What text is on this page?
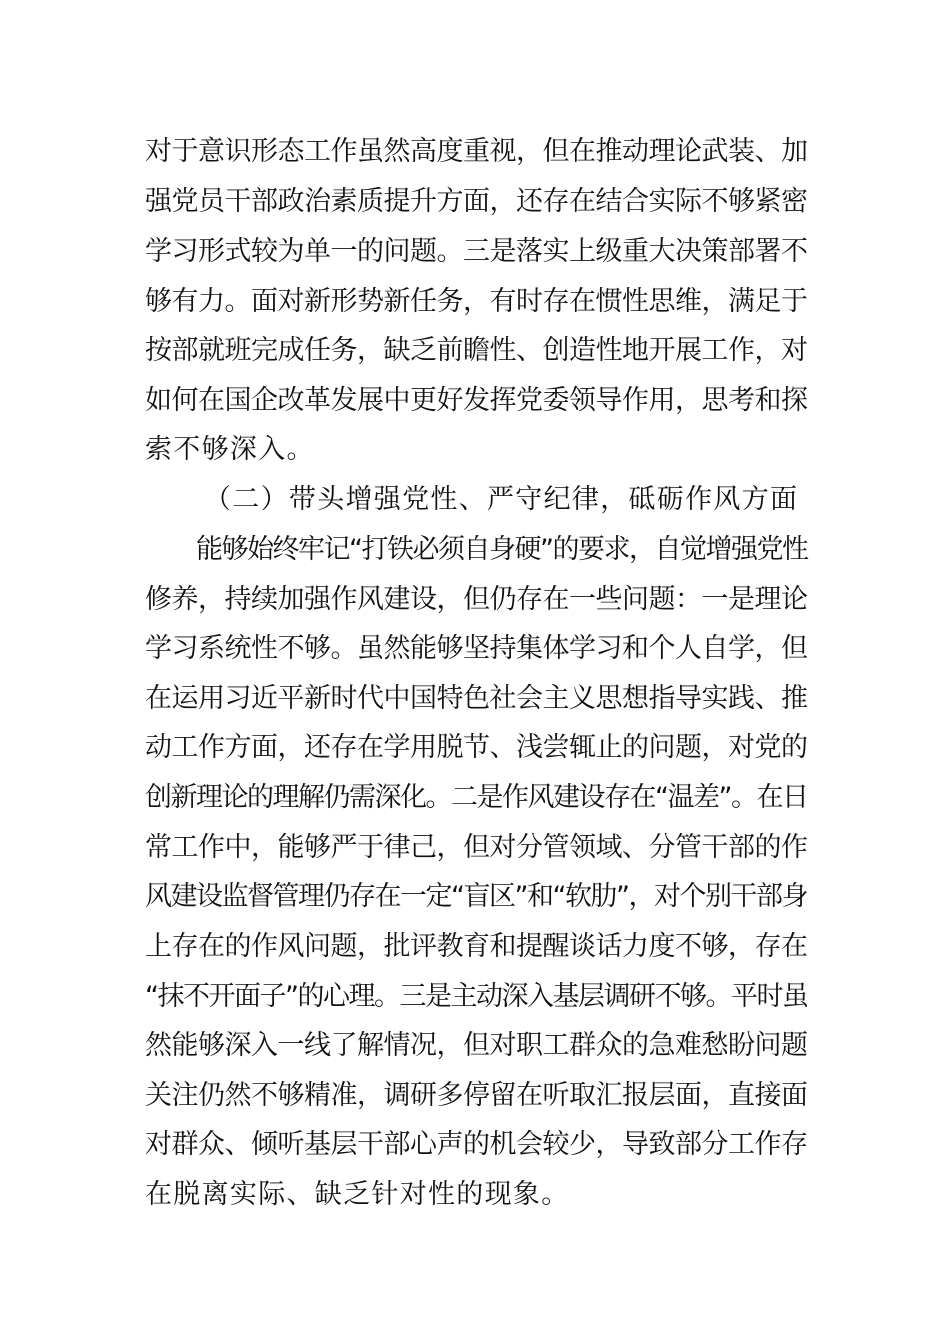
对于意识形态工作虽然高度重视，但在推动理论武装、加
强党员干部政治素质提升方面，还存在结合实际不够紧密
学习形式较为单一的问题。三是落实上级重大决策部署不
够有力。面对新形势新任务，有时存在惯性思维，满足于
按部就班完成任务，缺乏前瞻性、创造性地开展工作，对
如何在国企改革发展中更好发挥党委领导作用，思考和探
索不够深入。
（二）带头增强党性、严守纪律，砥砺作风方面
能够始终牢记“打铁必须自身硬”的要求，自觉增强党性
修养，持续加强作风建设，但仍存在一些问题：一是理论
学习系统性不够。虽然能够坚持集体学习和个人自学，但
在运用习近平新时代中国特色社会主义思想指导实践、推
动工作方面，还存在学用脱节、浅尝辄止的问题，对党的
创新理论的理解仍需深化。二是作风建设存在“温差”。在日
常工作中，能够严于律己，但对分管领域、分管干部的作
风建设监督管理仍存在一定“盲区”和“软肋”，对个别干部身
上存在的作风问题，批评教育和提醒谈话力度不够，存在
“抹不开面子”的心理。三是主动深入基层调研不够。平时虽
然能够深入一线了解情况，但对职工群众的急难愁盼问题
关注仍然不够精准，调研多停留在听取汇报层面，直接面
对群众、倾听基层干部心声的机会较少，导致部分工作存
在脱离实际、缺乏针对性的现象。
